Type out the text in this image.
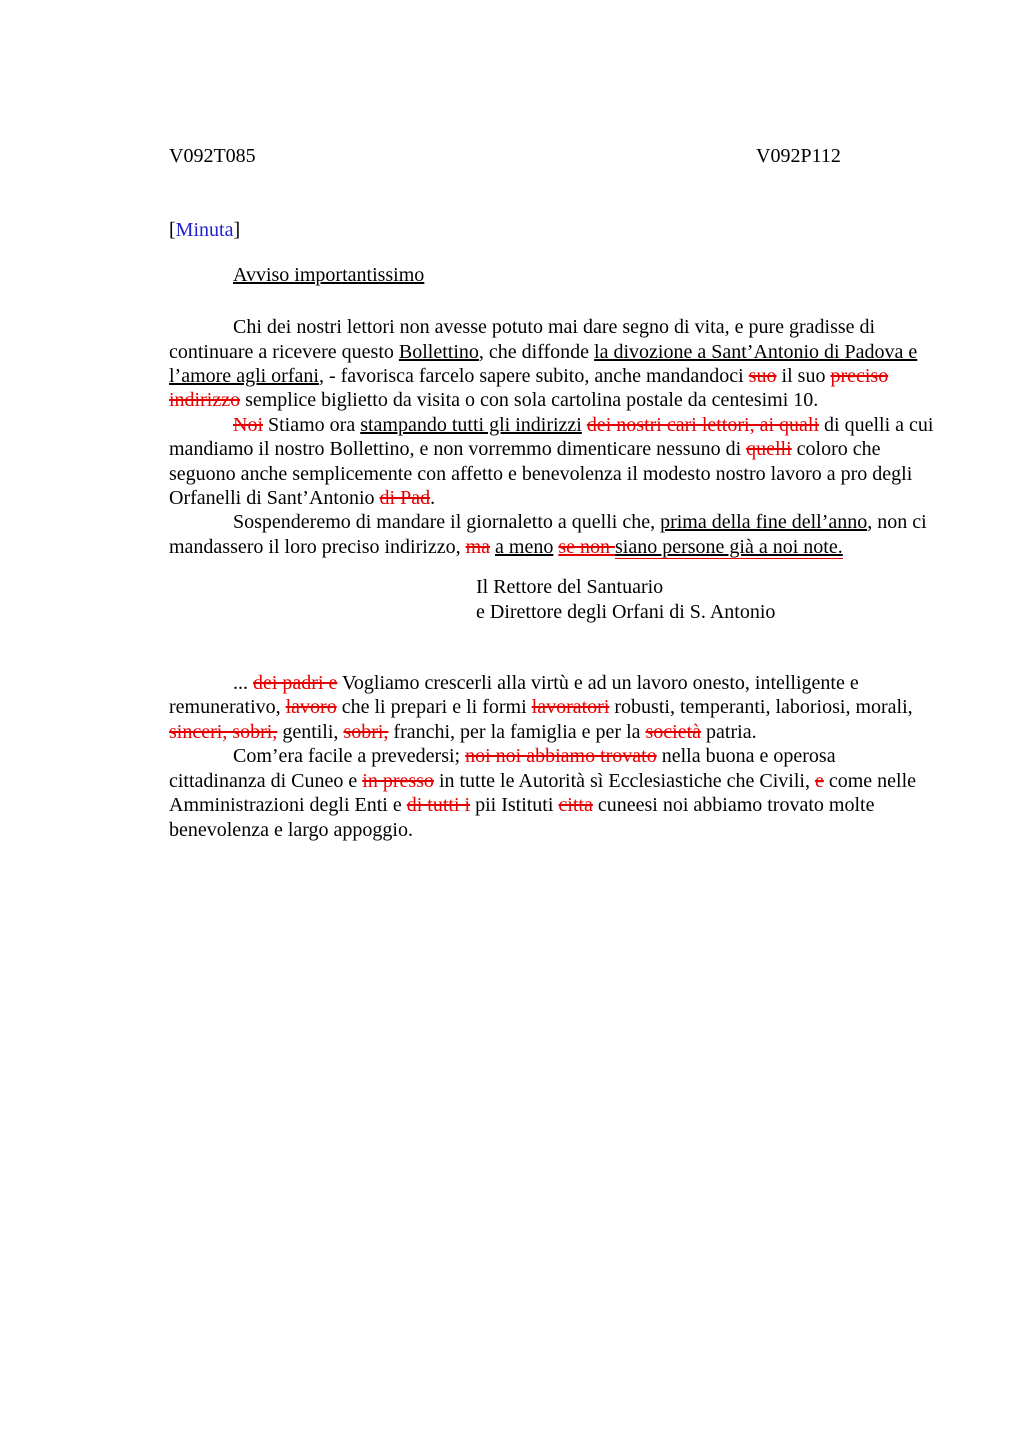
V092T085	V092P112
[Minuta]
Avviso importantissimo
Chi dei nostri lettori non avesse potuto mai dare segno di vita, e pure gradisse di continuare a ricevere questo Bollettino, che diffonde la divozione a Sant’Antonio di Padova e l’amore agli orfani, - favorisca farcelo sapere subito, anche mandandoci suo il suo preciso indirizzo semplice biglietto da visita o con sola cartolina postale da centesimi 10.
Noi Stiamo ora stampando tutti gli indirizzi dei nostri cari lettori, ai quali di quelli a cui mandiamo il nostro Bollettino, e non vorremmo dimenticare nessuno di quelli coloro che seguono anche semplicemente con affetto e benevolenza il modesto nostro lavoro a pro degli Orfanelli di Sant’Antonio di Pad.
Sospenderemo di mandare il giornaletto a quelli che, prima della fine dell’anno, non ci mandassero il loro preciso indirizzo, ma a meno se non siano persone già a noi note.
Il Rettore del Santuario
e Direttore degli Orfani di S. Antonio
... dei padri e Vogliamo crescerli alla virtù e ad un lavoro onesto, intelligente e remunerativo, lavoro che li prepari e li formi lavoratori robusti, temperanti, laboriosi, morali, sinceri, sobri, gentili, sobri, franchi, per la famiglia e per la società patria.
Com’era facile a prevedersi; noi noi abbiamo trovato nella buona e operosa cittadinanza di Cuneo e in presso in tutte le Autorità sì Ecclesiastiche che Civili, e come nelle Amministrazioni degli Enti e di tutti i pii Istituti citta cuneesi noi abbiamo trovato molte benevolenza e largo appoggio.
